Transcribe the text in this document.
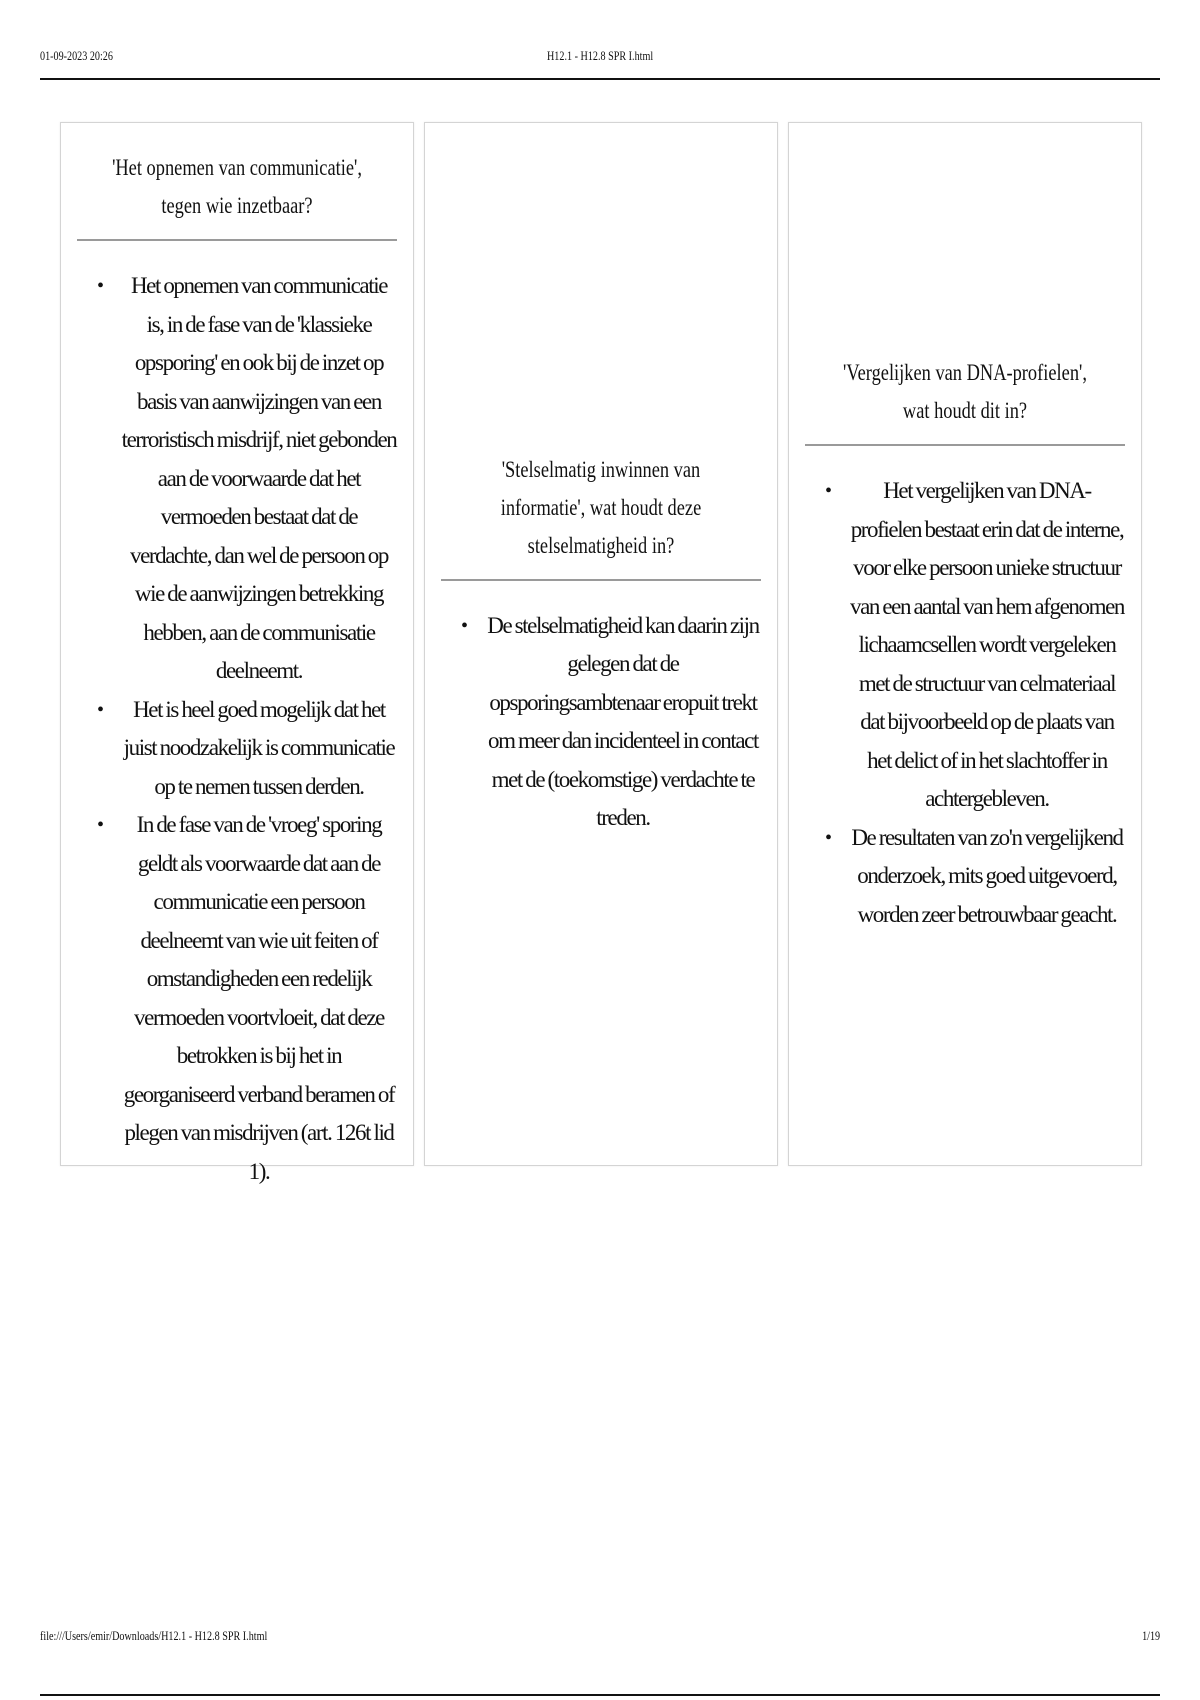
01-09-2023 20:26	H12.1 - H12.8 SPR I.html

'Het opnemen van communicatie', tegen wie inzetbaar?

• Het opnemen van communicatie is, in de fase van de 'klassieke opsporing' en ook bij de inzet op basis van aanwijzingen van een terroristisch misdrijf, niet gebonden aan de voorwaarde dat het vermoeden bestaat dat de verdachte, dan wel de persoon op wie de aanwijzingen betrekking hebben, aan de communisatie deelneemt.
• Het is heel goed mogelijk dat het juist noodzakelijk is communicatie op te nemen tussen derden.
• In de fase van de 'vroeg' sporing geldt als voorwaarde dat aan de communicatie een persoon deelneemt van wie uit feiten of omstandigheden een redelijk vermoeden voortvloeit, dat deze betrokken is bij het in georganiseerd verband beramen of plegen van misdrijven (art. 126t lid 1).

'Stelselmatig inwinnen van informatie', wat houdt deze stelselmatigheid in?

• De stelselmatigheid kan daarin zijn gelegen dat de opsporingsambtenaar eropuit trekt om meer dan incidenteel in contact met de (toekomstige) verdachte te treden.

'Vergelijken van DNA-profielen', wat houdt dit in?

• Het vergelijken van DNA-profielen bestaat erin dat de interne, voor elke persoon unieke structuur van een aantal van hem afgenomen lichaamcsellen wordt vergeleken met de structuur van celmateriaal dat bijvoorbeeld op de plaats van het delict of in het slachtoffer in achtergebleven.
• De resultaten van zo'n vergelijkend onderzoek, mits goed uitgevoerd, worden zeer betrouwbaar geacht.
file:///Users/emir/Downloads/H12.1 - H12.8 SPR I.html	1/19
